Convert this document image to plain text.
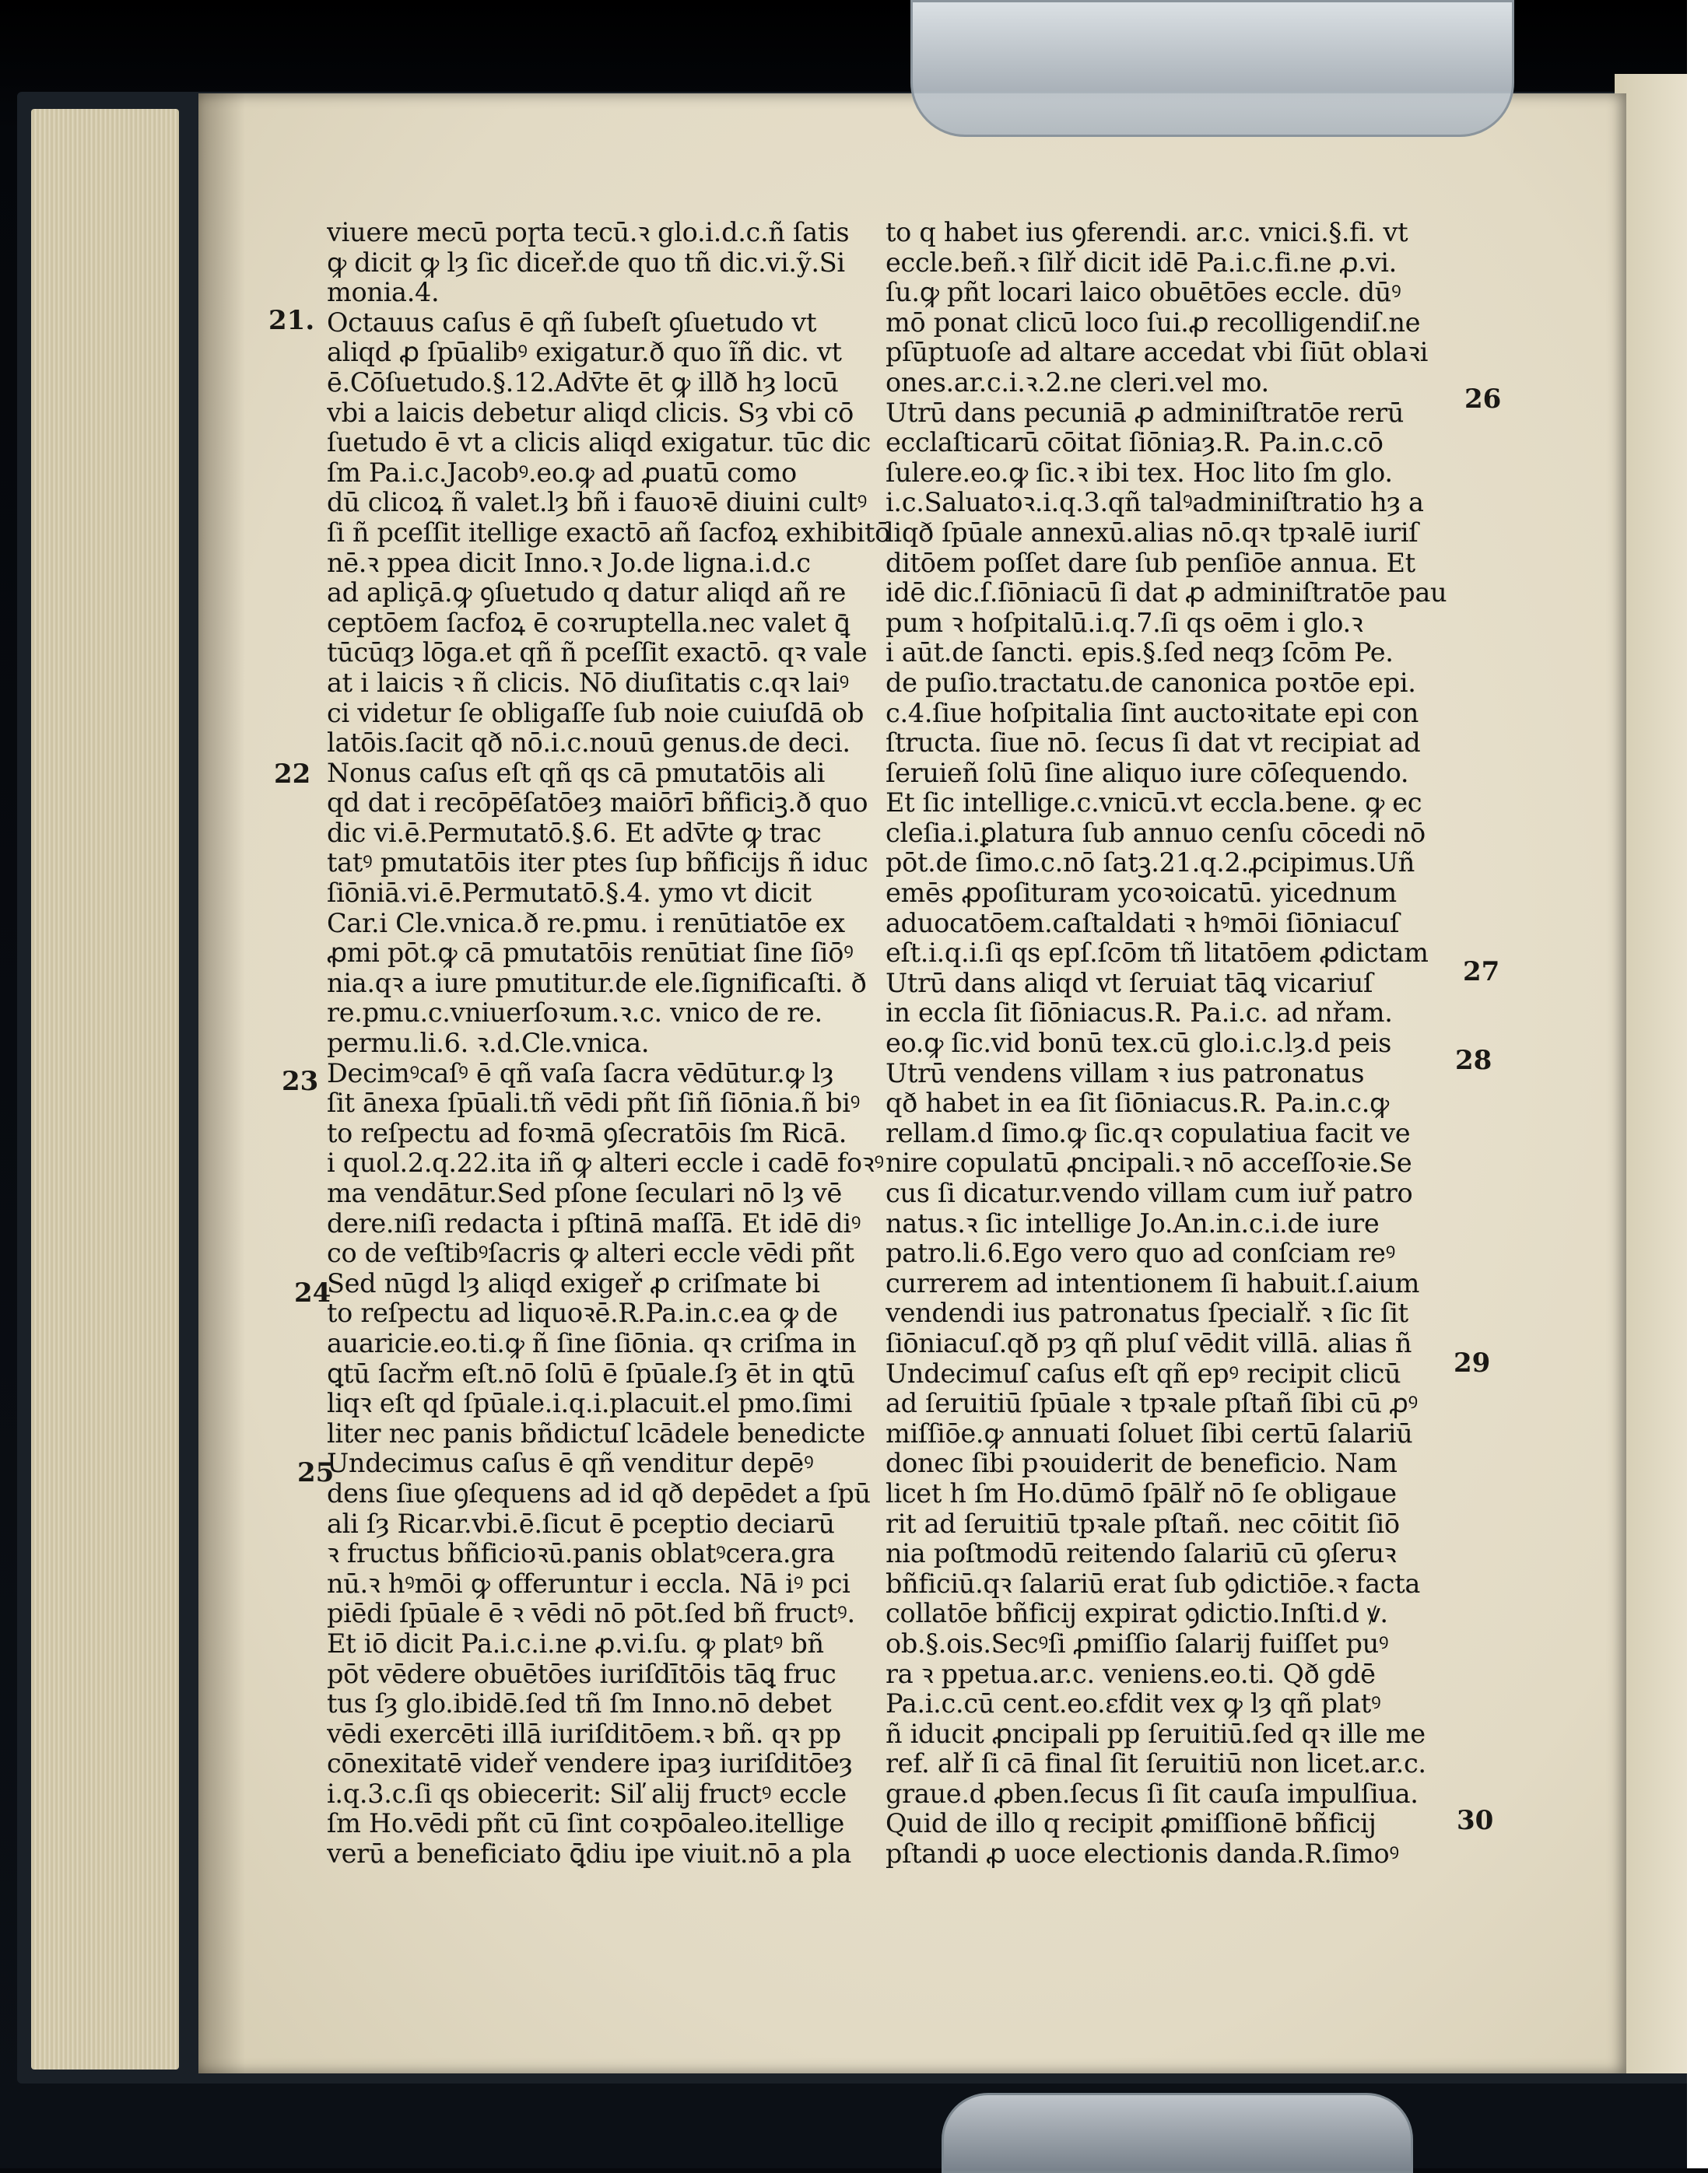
viuere mecū poɼta tecū.ꝛ glo.i.d.c.ñ ſatis
ꝙ dicit ꝙ lȝ ſic diceř.de quo tñ dic.vi.ỹ.Si
monia.4.
Octauus caſus ē qñ ſubeſt ꝯſuetudo vt
aliqd ꝓ ſpūalibꝰ exigatur.ð quo ĩñ dic. vt
ē.Cōſuetudo.§.12.Adv̄te ēt ꝙ illð hȝ locū
vbi a laicis debetur aliqd clicis. Sȝ vbi cō
ſuetudo ē vt a clicis aliqd exigatur. tūc dic
ſm Pa.i.c.Jacobꝰ.eo.ꝙ ad ꝓuatū como
dū clicoꝝ ñ valet.lȝ bñ i fauoꝛē diuini cultꝰ
ſi ñ pceſſit itellige exactō añ ſacfoꝝ exhibitō
nē.ꝛ ppea dicit Inno.ꝛ Jo.de ligna.i.d.c
ad apliçā.ꝙ ꝯſuetudo q datur aliqd añ re
ceptōem ſacfoꝝ ē coꝛruptella.nec valet ꝗ̄
tūcūqȝ lōga.et qñ ñ pceſſit exactō. qꝛ vale
at i laicis ꝛ ñ clicis. Nō diuſitatis c.qꝛ laiꝰ
ci videtur ſe obligaſſe ſub noie cuiuſdā ob
latōis.ſacit qð nō.i.c.nouū genus.de deci.
Nonus caſus eſt qñ qs cā pmutatōis ali
qd dat i recōpēſatōeȝ maiōrī bñficiꝫ.ð quo
dic vi.ē.Permutatō.§.6. Et adv̄te ꝙ trac
tatꝰ pmutatōis iter ptes ſup bñficijs ñ iduc
ſiōniā.vi.ē.Permutatō.§.4. ymo vt dicit
Car.i Cle.vnica.ð re.pmu. i renūtiatōe ex
ꝓmi pōt.ꝙ cā pmutatōis renūtiat ſine ſiōꝰ
nia.qꝛ a iure pmutitur.de ele.ſignificaſti. ð
re.pmu.c.vniuerſoꝛum.ꝛ.c. vnico de re.
permu.li.6. ꝛ.d.Cle.vnica.
Decimꝰcaſꝰ ē qñ vaſa ſacra vēdūtur.ꝙ lȝ
ſit ānexa ſpūali.tñ vēdi pñt ſiñ ſiōnia.ñ biꝰ
to reſpectu ad foꝛmā ꝯſecratōis ſm Ricā.
i quol.2.q.22.ita iñ ꝙ alteri eccle i cadē foꝛꝰ
ma vendātur.Sed pſone ſeculari nō lȝ vē
dere.niſi redacta i pſtinā maſſā. Et idē diꝰ
co de veſtibꝰſacris ꝙ alteri eccle vēdi pñt
Sed nūgd lȝ aliqd exigeř ꝓ criſmate bi
to reſpectu ad liquoꝛē.R.Pa.in.c.ea ꝙ de
auaricie.eo.ti.ꝙ ñ ſine ſiōnia. qꝛ criſma in
ꝗtū ſacřm eſt.nō ſolū ē ſpūale.ſȝ ēt in ꝗtū
liqꝛ eſt qd ſpūale.i.q.i.placuit.el pmo.ſimi
liter nec panis bñdictuſ lcādele benedicte
Undecimus caſus ē qñ venditur depēꝰ
dens ſiue ꝯſequens ad id qð depēdet a ſpū
ali ſȝ Ricar.vbi.ē.ſicut ē pceptio deciarū
ꝛ fructus bñficioꝛū.panis oblatꝰcera.gra
nū.ꝛ hꝰmōi ꝙ offeruntur i eccla. Nā iꝰ pci
piēdi ſpūale ē ꝛ vēdi nō pōt.ſed bñ fructꝰ.
Et iō dicit Pa.i.c.i.ne ꝓ.vi.ſu. ꝙ platꝰ bñ
pōt vēdere obuētōes iuriſdītōis tāꝗ fruc
tus ſȝ glo.ibidē.ſed tñ ſm Inno.nō debet
vēdi exercēti illā iuriſditōem.ꝛ bñ. qꝛ pp
cōnexitatē videř vendere ipaȝ iuriſditōeȝ
i.q.3.c.ſi qs obiecerit: Siľ alij fructꝰ eccle
ſm Ho.vēdi pñt cū ſint coꝛpōaleo.itellige
verū a beneficiato ꝗ̄diu ipe viuit.nō a pla
to q habet ius ꝯferendi. ar.c. vnici.§.fi. vt
eccle.beñ.ꝛ ſilř dicit idē Pa.i.c.fi.ne ꝓ.vi.
ſu.ꝙ pñt locari laico obuētōes eccle. dūꝰ
mō ponat clicū loco ſui.ꝓ recolligendiſ.ne
pſūptuoſe ad altare accedat vbi ſiūt oblaꝛi
ones.ar.c.i.ꝛ.2.ne cleri.vel mo.
Utrū dans pecuniā ꝓ adminiſtratōe rerū
ecclaſticarū cōitat ſiōniaȝ.R. Pa.in.c.cō
ſulere.eo.ꝙ ſic.ꝛ ibi tex. Hoc lito ſm glo.
i.c.Saluatoꝛ.i.q.3.qñ talꝰadminiſtratio hȝ a
liqð ſpūale annexū.alias nō.qꝛ tpꝛalē iuriſ
ditōem poſſet dare ſub penſiōe annua. Et
idē dic.ſ.ſiōniacū ſi dat ꝓ adminiſtratōe pau
pum ꝛ hoſpitalū.i.q.7.ſi qs oēm i glo.ꝛ
i aūt.de ſancti. epis.§.ſed neqȝ ſcōm Pe.
de puſio.tractatu.de canonica poꝛtōe epi.
c.4.ſiue hoſpitalia ſint auctoꝛitate epi con
ſtructa. ſiue nō. ſecus ſi dat vt recipiat ad
ſeruieñ ſolū ſine aliquo iure cōſequendo.
Et ſic intellige.c.vnicū.vt eccla.bene. ꝙ ec
cleſia.i.ꝑlatura ſub annuo cenſu cōcedi nō
pōt.de ſimo.c.nō ſatꝫ.21.q.2.ꝓcipimus.Uñ
emēs ꝓpoſituram ycoꝛoicatū. yicednum
aduocatōem.caſtaldati ꝛ hꝰmōi ſiōniacuſ
eſt.i.q.i.ſi qs epſ.ſcōm tñ litatōem ꝓdictam
Utrū dans aliqd vt ſeruiat tāꝗ vicariuſ
in eccla ſit ſiōniacus.R. Pa.i.c. ad nřam.
eo.ꝙ ſic.vid bonū tex.cū glo.i.c.lȝ.d peis
Utrū vendens villam ꝛ ius patronatus
qð habet in ea ſit ſiōniacus.R. Pa.in.c.ꝙ
rellam.d ſimo.ꝙ ſic.qꝛ copulatiua facit ve
nire copulatū ꝓncipali.ꝛ nō acceſſoꝛie.Se
cus ſi dicatur.vendo villam cum iuř patro
natus.ꝛ ſic intellige Jo.An.in.c.i.de iure
patro.li.6.Ego vero quo ad conſciam reꝰ
currerem ad intentionem ſi habuit.ſ.aium
vendendi ius patronatus ſpecialř. ꝛ ſic ſit
ſiōniacuſ.qð pȝ qñ pluſ vēdit villā. alias ñ
Undecimuſ caſus eſt qñ epꝰ recipit clicū
ad ſeruitiū ſpūale ꝛ tpꝛale pſtañ ſibi cū ꝓꝰ
miſſiōe.ꝙ annuati ſoluet ſibi certū ſalariū
donec ſibi pꝛouiderit de beneficio. Nam
licet h ſm Ho.dūmō ſpālř nō ſe obligaue
rit ad ſeruitiū tpꝛale pſtañ. nec cōitit ſiō
nia poſtmodū reitendo ſalariū cū ꝯſeruꝛ
bñficiū.qꝛ ſalariū erat ſub ꝯdictiōe.ꝛ facta
collatōe bñficij expirat ꝯdictio.Inſti.d ꝟ.
ob.§.ois.Secꝰſi ꝓmiſſio ſalarij fuiſſet puꝰ
ra ꝛ ppetua.ar.c. veniens.eo.ti. Qð gdē
Pa.i.c.cū cent.eo.ɛfdit vex ꝙ lȝ qñ platꝰ
ñ iducit ꝓncipali pp ſeruitiū.ſed qꝛ ille me
ref. alř ſi cā final ſit ſeruitiū non licet.ar.c.
graue.d ꝓben.ſecus ſi ſit cauſa impulſiua.
Quid de illo q recipit ꝓmiſſionē bñficij
pſtandi ꝓ uoce electionis danda.R.ſimoꝰ
21.
22
23
24
25
26
27
28
29
30
